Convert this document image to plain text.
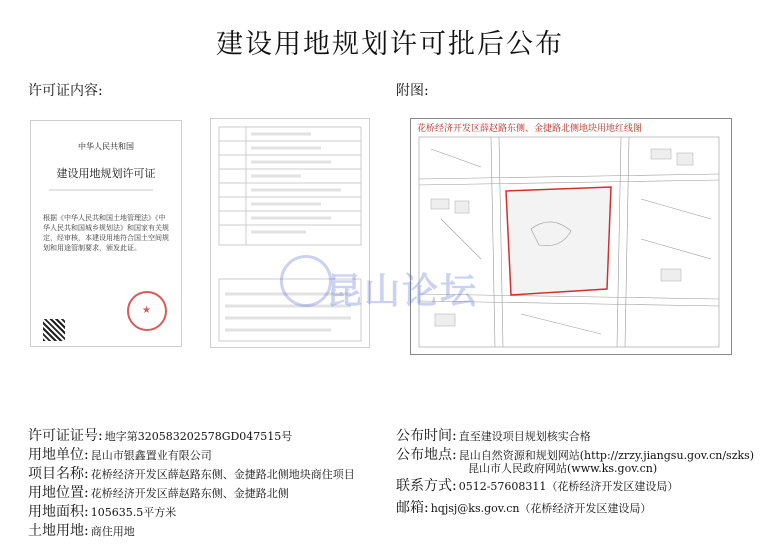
建设用地规划许可批后公布
许可证内容:	附图:
中华人民共和国
建设用地规划许可证
根据《中华人民共和国土地管理法》《中华人民共和国城乡规划法》和国家有关规定，经审核，本建设用地符合国土空间规划和用途管制要求，颁发此证。
★
花桥经济开发区薛赵路东侧、金捷路北侧地块用地红线图
昆山论坛
许可证证号: 地字第320583202578GD047515号
用地单位: 昆山市银鑫置业有限公司
项目名称: 花桥经济开发区薛赵路东侧、金捷路北侧地块商住项目
用地位置: 花桥经济开发区薛赵路东侧、金捷路北侧
用地面积: 105635.5平方米
土地用地: 商住用地
公布时间: 直至建设项目规划核实合格
公布地点: 昆山自然资源和规划网站(http://zrzy.jiangsu.gov.cn/szks)
昆山市人民政府网站(www.ks.gov.cn)
联系方式: 0512-57608311（花桥经济开发区建设局）
邮箱: hqjsj@ks.gov.cn（花桥经济开发区建设局）
